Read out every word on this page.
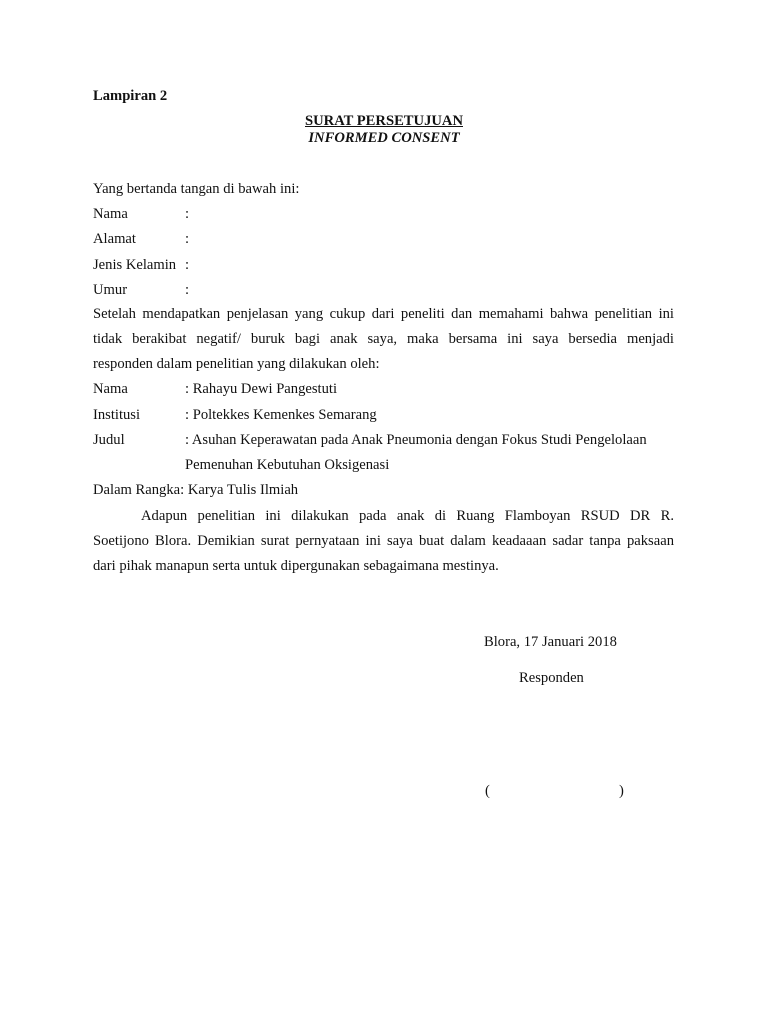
Lampiran 2
SURAT PERSETUJUAN
INFORMED CONSENT
Yang bertanda tangan di bawah ini:
Nama	:
Alamat	:
Jenis Kelamin :
Umur	:
Setelah mendapatkan penjelasan yang cukup dari peneliti dan memahami bahwa penelitian ini
tidak berakibat negatif/ buruk bagi anak saya, maka bersama ini saya bersedia menjadi
responden dalam penelitian yang dilakukan oleh:
Nama	: Rahayu Dewi Pangestuti
Institusi	: Poltekkes Kemenkes Semarang
Judul	: Asuhan Keperawatan pada Anak Pneumonia dengan Fokus Studi Pengelolaan
Pemenuhan Kebutuhan Oksigenasi
Dalam Rangka: Karya Tulis Ilmiah
Adapun penelitian ini dilakukan pada anak di Ruang Flamboyan RSUD DR R.
Soetijono Blora. Demikian surat pernyataan ini saya buat dalam keadaaan sadar tanpa paksaan
dari pihak manapun serta untuk dipergunakan sebagaimana mestinya.
Blora, 17 Januari 2018
Responden
(	)
